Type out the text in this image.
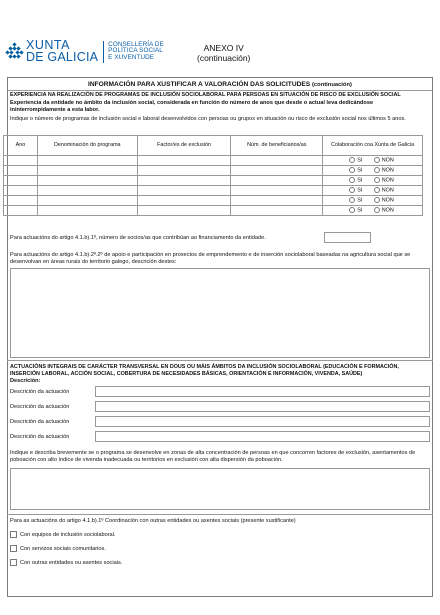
XUNTA
DE GALICIA
CONSELLERÍA DE
POLÍTICA SOCIAL
E XUVENTUDE
ANEXO IV
(continuación)
INFORMACIÓN PARA XUSTIFICAR A VALORACIÓN DAS SOLICITUDES (continuación)
EXPERIENCIA NA REALIZACIÓN DE PROGRAMAS DE INCLUSIÓN SOCIOLABORAL PARA PERSOAS EN SITUACIÓN DE RISCO DE EXCLUSIÓN SOCIAL
Experiencia da entidade no ámbito da inclusión social, considerada en función do número de anos que desde o actual leva dedicándose ininterrompidamente a esta labor.
Indique o número de programas de inclusión social e laboral desenvolvidos con persoas ou grupos en situación ou risco de exclusión social nos últimos 5 anos.
Ano	Denominación do programa	Factor/es de exclusión	Núm. de beneficiarios/as	Colaboración coa Xunta de Galicia
				SI NON
				SI NON
				SI NON
				SI NON
				SI NON
				SI NON
Para actuacións do artigo 4.1.b).1º, número de socios/as que contribúan ao financiamento da entidade.
Para actuacións do artigo 4.1.b).2º.2º de apoio e participación en proxectos de emprendemento e de inserción sociolaboral baseadas na agricultura social que se desenvolvan en áreas rurais do territorio galego, descrición destes:
ACTUACIÓNS INTEGRAIS DE CARÁCTER TRANSVERSAL EN DOUS OU MÁIS ÁMBITOS DA INCLUSIÓN SOCIOLABORAL (EDUCACIÓN E FORMACIÓN, INSERCIÓN LABORAL, ACCIÓN SOCIAL, COBERTURA DE NECESIDADES BÁSICAS, ORIENTACIÓN E INFORMACIÓN, VIVENDA, SAÚDE)
Descrición:
Descrición da actuación
Descrición da actuación
Descrición da actuación
Descrición da actuación
Indique e describa brevemente se o programa se desenvolve en zonas de alta concentración de persoas en que concorren factores de exclusión, asentamentos de poboación con alto índice de vivenda inadecuada ou territorios en exclusión con alta dispersión da poboación.
Para as actuacións do artigo 4.1.b).1º Coordinación con outras entidades ou axentes sociais (presente xustificante)
Con equipos de inclusión sociolaboral.
Con servizos sociais comunitarios.
Con outras entidades ou axentes sociais.
